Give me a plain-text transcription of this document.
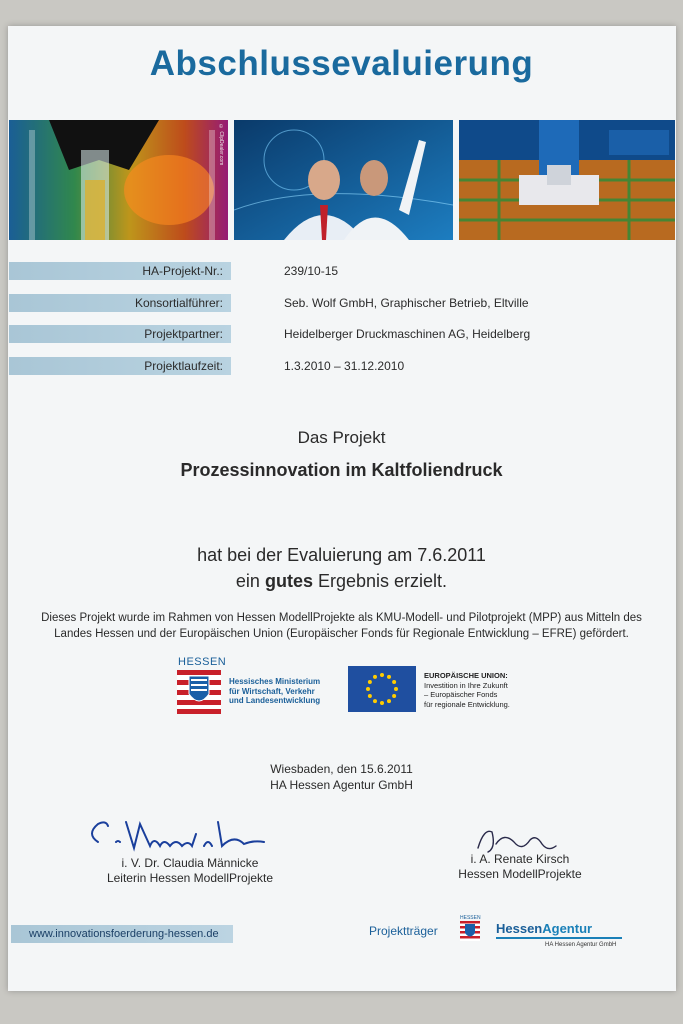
Abschlussevaluierung
© ClipDealer.com
HA-Projekt-Nr.:	239/10-15
Konsortialführer:	Seb. Wolf GmbH, Graphischer Betrieb, Eltville
Projektpartner:	Heidelberger Druckmaschinen AG, Heidelberg
Projektlaufzeit:	1.3.2010 – 31.12.2010
Das Projekt
Prozessinnovation im Kaltfoliendruck
hat bei der Evaluierung am 7.6.2011
ein gutes Ergebnis erzielt.
Dieses Projekt wurde im Rahmen von Hessen ModellProjekte als KMU-Modell- und Pilotprojekt (MPP) aus Mitteln des
Landes Hessen und der Europäischen Union (Europäischer Fonds für Regionale Entwicklung – EFRE) gefördert.
HESSEN
Hessisches Ministerium
für Wirtschaft, Verkehr
und Landesentwicklung
EUROPÄISCHE UNION:
Investition in Ihre Zukunft
– Europäischer Fonds
für regionale Entwicklung.
Wiesbaden, den 15.6.2011
HA Hessen Agentur GmbH
i. V. Dr. Claudia Männicke
Leiterin Hessen ModellProjekte
i. A. Renate Kirsch
Hessen ModellProjekte
www.innovationsfoerderung-hessen.de	Projektträger
HESSEN
HessenAgentur
HA Hessen Agentur GmbH
